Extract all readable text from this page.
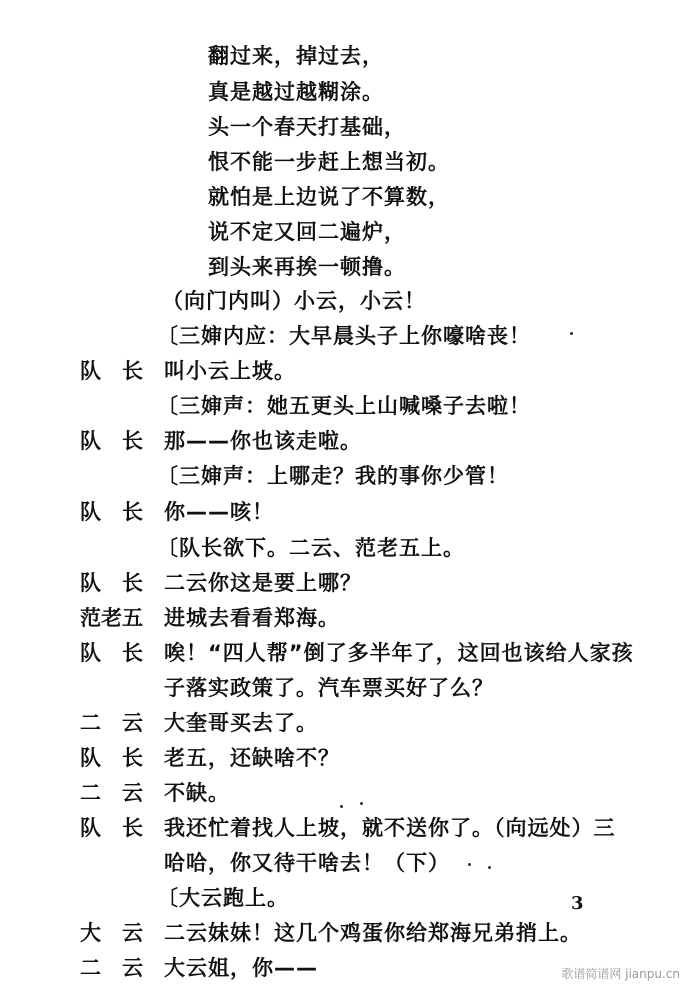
翻过来，掉过去，
真是越过越糊涂。
头一个春天打基础，
恨不能一步赶上想当初。
就怕是上边说了不算数，
说不定又回二遍炉，
到头来再挨一顿撸。
（向门内叫）小云，小云！
〔三婶内应：大早晨头子上你嚎啥丧！
队　长 叫小云上坡。
〔三婶声：她五更头上山喊嗓子去啦！
队　长 那——你也该走啦。
〔三婶声：上哪走？我的事你少管！
队　长 你——咳！
〔队长欲下。二云、范老五上。
队　长 二云你这是要上哪？
范老五 进城去看看郑海。
队　长 唉！“四人帮”倒了多半年了，这回也该给人家孩
子落实政策了。汽车票买好了么？
二　云 大奎哥买去了。
队　长 老五，还缺啥不？
二　云 不缺。
队　长 我还忙着找人上坡，就不送你了。（向远处）三
哈哈，你又待干啥去！（下）
〔大云跑上。
大　云 二云妹妹！这几个鸡蛋你给郑海兄弟捎上。
二　云 大云姐，你——
3
歌谱简谱网 jianpu.cn
